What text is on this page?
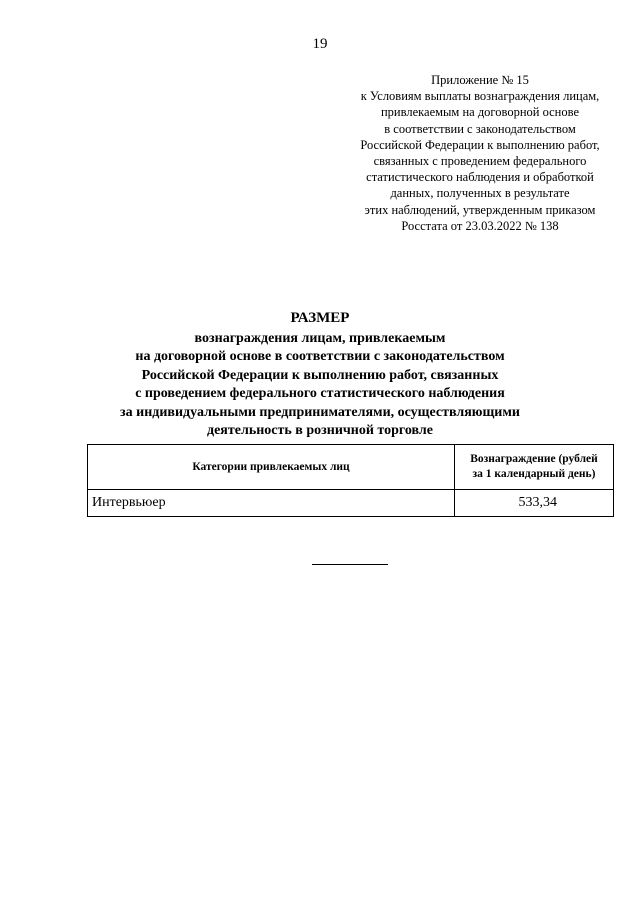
19
Приложение № 15
к Условиям выплаты вознаграждения лицам,
привлекаемым на договорной основе
в соответствии с законодательством
Российской Федерации к выполнению работ,
связанных с проведением федерального
статистического наблюдения и обработкой
данных, полученных в результате
этих наблюдений, утвержденным приказом
Росстата от 23.03.2022 № 138
РАЗМЕР
вознаграждения лицам, привлекаемым
на договорной основе в соответствии с законодательством
Российской Федерации к выполнению работ, связанных
с проведением федерального статистического наблюдения
за индивидуальными предпринимателями, осуществляющими
деятельность в розничной торговле
Категории привлекаемых лиц	Вознаграждение (рублей
за 1 календарный день)
Интервьюер	533,34
